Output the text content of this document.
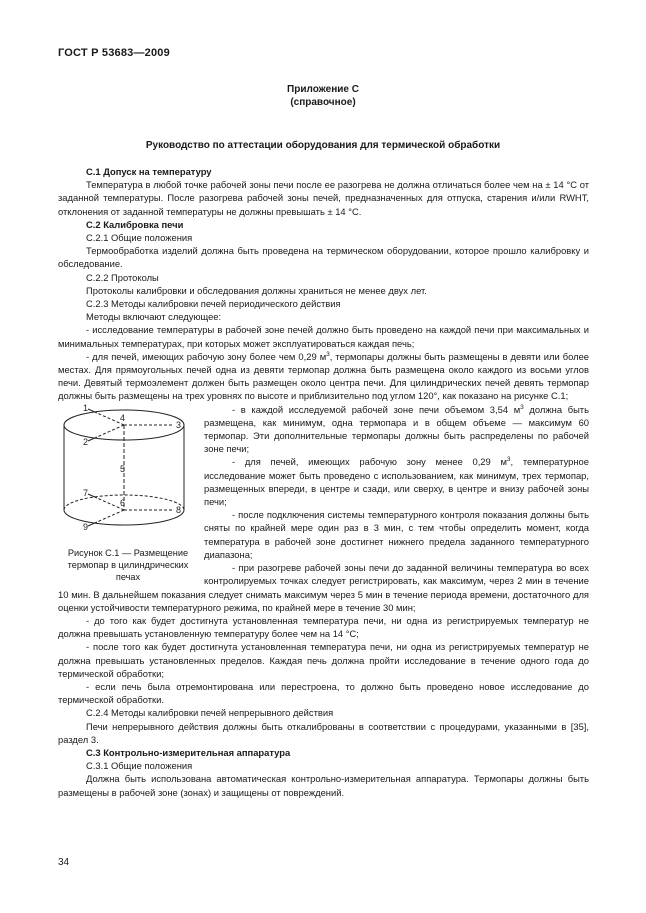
ГОСТ Р 53683—2009
Приложение С
(справочное)
Руководство по аттестации оборудования для термической обработки

С.1 Допуск на температуру

Температура в любой точке рабочей зоны печи после ее разогрева не должна отличаться более чем на ± 14 °С от заданной температуры. После разогрева рабочей зоны печей, предназначенных для отпуска, старения и/или RWHT, отклонения от заданной температуры не должны превышать ± 14 °С.

С.2 Калибровка печи

С.2.1 Общие положения

Термообработка изделий должна быть проведена на термическом оборудовании, которое прошло калибровку и обследование.

С.2.2 Протоколы

Протоколы калибровки и обследования должны храниться не менее двух лет.

С.2.3 Методы калибровки печей периодического действия

Методы включают следующее:

- исследование температуры в рабочей зоне печей должно быть проведено на каждой печи при максимальных и минимальных температурах, при которых может эксплуатироваться каждая печь;

- для печей, имеющих рабочую зону более чем 0,29 $м^3$, термопары должны быть размещены в девяти или более местах. Для прямоугольных печей одна из девяти термопар должна быть размещена около каждого из восьми углов печи. Девятый термоэлемент должен быть размещен около центра печи. Для цилиндрических печей девять термопар должны быть размещены на трех уровнях по высоте и приблизительно под углом 120°, как показано на рисунке С.1;

1
2
3
4
5
6
7
8
9
Рисунок С.1 — Размещение термопар в цилиндрических печах

- в каждой исследуемой рабочей зоне печи объемом 3,54 $м^3$ должна быть размещена, как минимум, одна термопара и в общем объеме — максимум 60 термопар. Эти дополнительные термопары должны быть распределены по рабочей зоне печи;

- для печей, имеющих рабочую зону менее 0,29 $м^3$, температурное исследование может быть проведено с использованием, как минимум, трех термопар, размещенных впереди, в центре и сзади, или сверху, в центре и внизу рабочей зоны печи;

- после подключения системы температурного контроля показания должны быть сняты по крайней мере один раз в 3 мин, с тем чтобы определить момент, когда температура в рабочей зоне достигнет нижнего предела заданного температурного диапазона;

- при разогреве рабочей зоны печи до заданной величины температура во всех контролируемых точках следует регистрировать, как максимум, через 2 мин в течение 10 мин. В дальнейшем показания следует снимать максимум через 5 мин в течение периода времени, достаточного для оценки устойчивости температурного режима, по крайней мере в течение 30 мин;

- до того как будет достигнута установленная температура печи, ни одна из регистрируемых температур не должна превышать установленную температуру более чем на 14 °С;

- после того как будет достигнута установленная температура печи, ни одна из регистрируемых температур не должна превышать установленных пределов. Каждая печь должна пройти исследование в течение одного года до термической обработки;

- если печь была отремонтирована или перестроена, то должно быть проведено новое исследование до термической обработки.

С.2.4 Методы калибровки печей непрерывного действия

Печи непрерывного действия должны быть откалиброваны в соответствии с процедурами, указанными в [35], раздел 3.

С.3 Контрольно-измерительная аппаратура

С.3.1 Общие положения

Должна быть использована автоматическая контрольно-измерительная аппаратура. Термопары должны быть размещены в рабочей зоне (зонах) и защищены от повреждений.

34
